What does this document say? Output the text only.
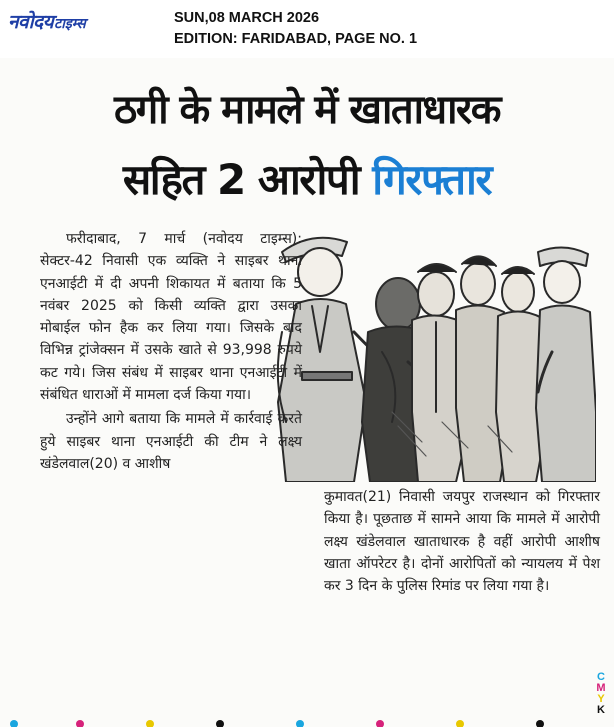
नवोदय टाइम्स	SUN,08 MARCH 2026
EDITION: FARIDABAD, PAGE NO. 1
ठगी के मामले में खाताधारक
सहित 2 आरोपी गिरफ्तार

फरीदाबाद, 7 मार्च (नवोदय टाइम्स): सेक्टर-42 निवासी एक व्यक्ति ने साइबर थाना एनआईटी में दी अपनी शिकायत में बताया कि 5 नवंबर 2025 को किसी व्यक्ति द्वारा उसका मोबाईल फोन हैक कर लिया गया। जिसके बाद विभिन्न ट्रांजेक्सन में उसके खाते से 93,998 रुपये कट गये। जिस संबंध में साइबर थाना एनआईटी में संबंधित धाराओं में मामला दर्ज किया गया।

उन्होंने आगे बताया कि मामले में कार्रवाई करते हुये साइबर थाना एनआईटी की टीम ने लक्ष्य खंडेलवाल(20) व आशीष

कुमावत(21) निवासी जयपुर राजस्थान को गिरफ्तार किया है। पूछताछ में सामने आया कि मामले में आरोपी लक्ष्य खंडेलवाल खाताधारक है वहीं आरोपी आशीष खाता ऑपरेटर है। दोनों आरोपितों को न्यायलय में पेश कर 3 दिन के पुलिस रिमांड पर लिया गया है।

C
M
Y
K
